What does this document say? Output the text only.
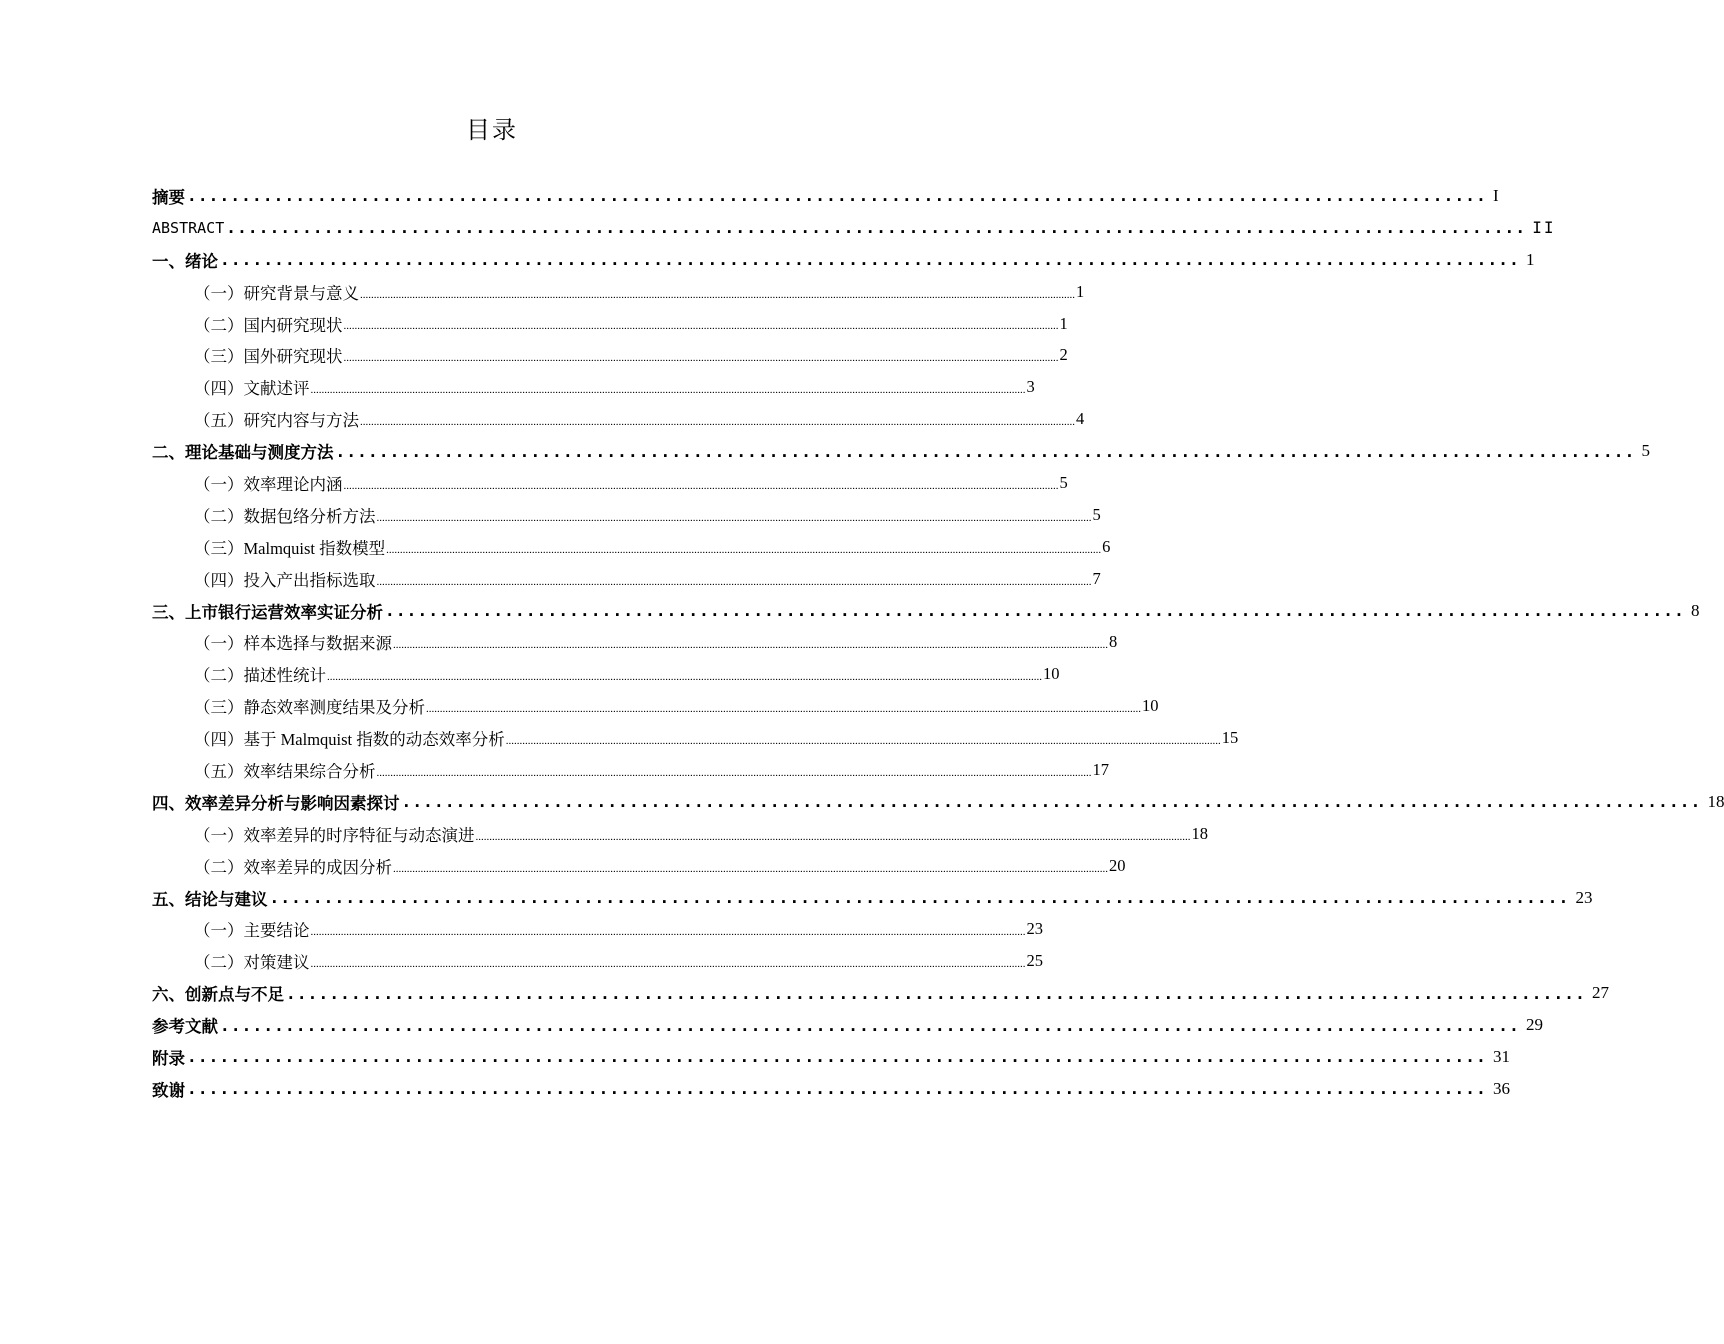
目录
摘要 ........................................................................................................................ I
ABSTRACT ........................................................................................................................ II
一、绪论 ........................................................................................................................ 1
（一）研究背景与意义 .................................................................................................................................................................................................................................................................... 1
（二）国内研究现状 .................................................................................................................................................................................................................................................................... 1
（三）国外研究现状 .................................................................................................................................................................................................................................................................... 2
（四）文献述评 .................................................................................................................................................................................................................................................................... 3
（五）研究内容与方法 .................................................................................................................................................................................................................................................................... 4
二、理论基础与测度方法 ........................................................................................................................ 5
（一）效率理论内涵 .................................................................................................................................................................................................................................................................... 5
（二）数据包络分析方法 .................................................................................................................................................................................................................................................................... 5
（三）Malmquist 指数模型 .................................................................................................................................................................................................................................................................... 6
（四）投入产出指标选取 .................................................................................................................................................................................................................................................................... 7
三、上市银行运营效率实证分析 ........................................................................................................................ 8
（一）样本选择与数据来源 .................................................................................................................................................................................................................................................................... 8
（二）描述性统计 .................................................................................................................................................................................................................................................................... 10
（三）静态效率测度结果及分析 .................................................................................................................................................................................................................................................................... 10
（四）基于 Malmquist 指数的动态效率分析 .................................................................................................................................................................................................................................................................... 15
（五）效率结果综合分析 .................................................................................................................................................................................................................................................................... 17
四、效率差异分析与影响因素探讨 ........................................................................................................................ 18
（一）效率差异的时序特征与动态演进 .................................................................................................................................................................................................................................................................... 18
（二）效率差异的成因分析 .................................................................................................................................................................................................................................................................... 20
五、结论与建议 ........................................................................................................................ 23
（一）主要结论 .................................................................................................................................................................................................................................................................... 23
（二）对策建议 .................................................................................................................................................................................................................................................................... 25
六、创新点与不足 ........................................................................................................................ 27
参考文献 ........................................................................................................................ 29
附录 ........................................................................................................................ 31
致谢 ........................................................................................................................ 36
